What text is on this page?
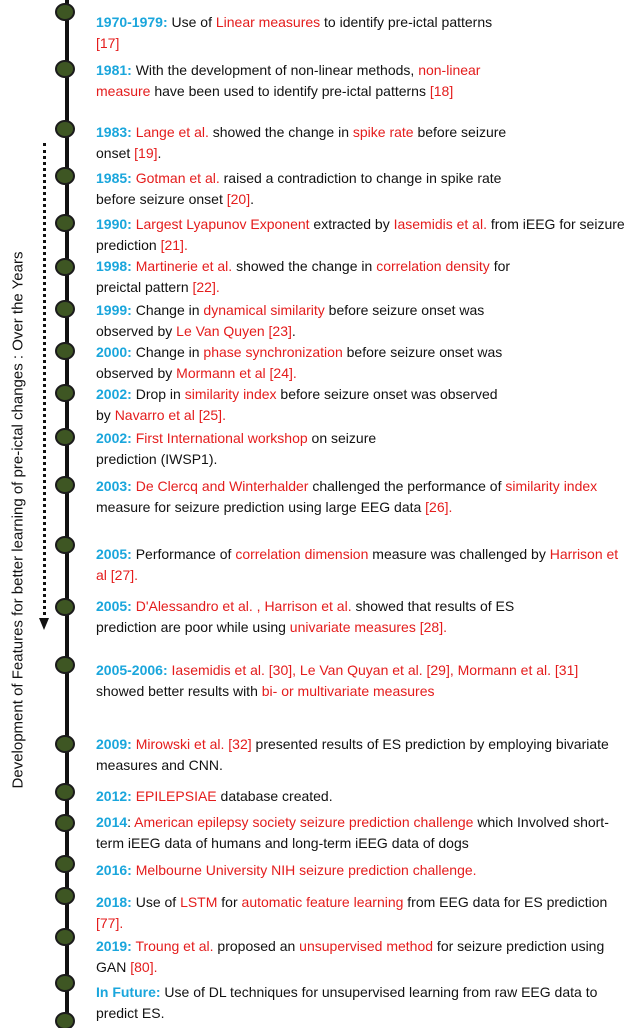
Development of Features for better learning of pre-ictal changes : Over the Years
1970-1979: Use of Linear measures to identify pre-ictal patterns [17]
1981: With the development of non-linear methods, non-linear measure have been used to identify pre-ictal patterns [18]
1983: Lange et al. showed the change in spike rate before seizure onset [19].
1985: Gotman et al. raised a contradiction to change in spike rate before seizure onset [20].
1990: Largest Lyapunov Exponent extracted by Iasemidis et al. from iEEG for seizure prediction [21].
1998: Martinerie et al. showed the change in correlation density for preictal pattern [22].
1999: Change in dynamical similarity before seizure onset was observed by Le Van Quyen [23].
2000: Change in phase synchronization before seizure onset was observed by Mormann et al [24].
2002: Drop in similarity index before seizure onset was observed by Navarro et al [25].
2002: First International workshop on seizure prediction (IWSP1).
2003: De Clercq and Winterhalder challenged the performance of similarity index measure for seizure prediction using large EEG data [26].
2005: Performance of correlation dimension measure was challenged by Harrison et al [27].
2005: D'Alessandro et al. , Harrison et al. showed that results of ES prediction are poor while using univariate measures [28].
2005-2006: Iasemidis et al. [30], Le Van Quyan et al. [29], Mormann et al. [31] showed better results with bi- or multivariate measures
2009: Mirowski et al. [32] presented results of ES prediction by employing bivariate measures and CNN.
2012: EPILEPSIAE database created.
2014: American epilepsy society seizure prediction challenge which Involved short-term iEEG data of humans and long-term iEEG data of dogs
2016: Melbourne University NIH seizure prediction challenge.
2018: Use of LSTM for automatic feature learning from EEG data for ES prediction [77].
2019: Troung et al. proposed an unsupervised method for seizure prediction using GAN [80].
In Future: Use of DL techniques for unsupervised learning from raw EEG data to predict ES.
